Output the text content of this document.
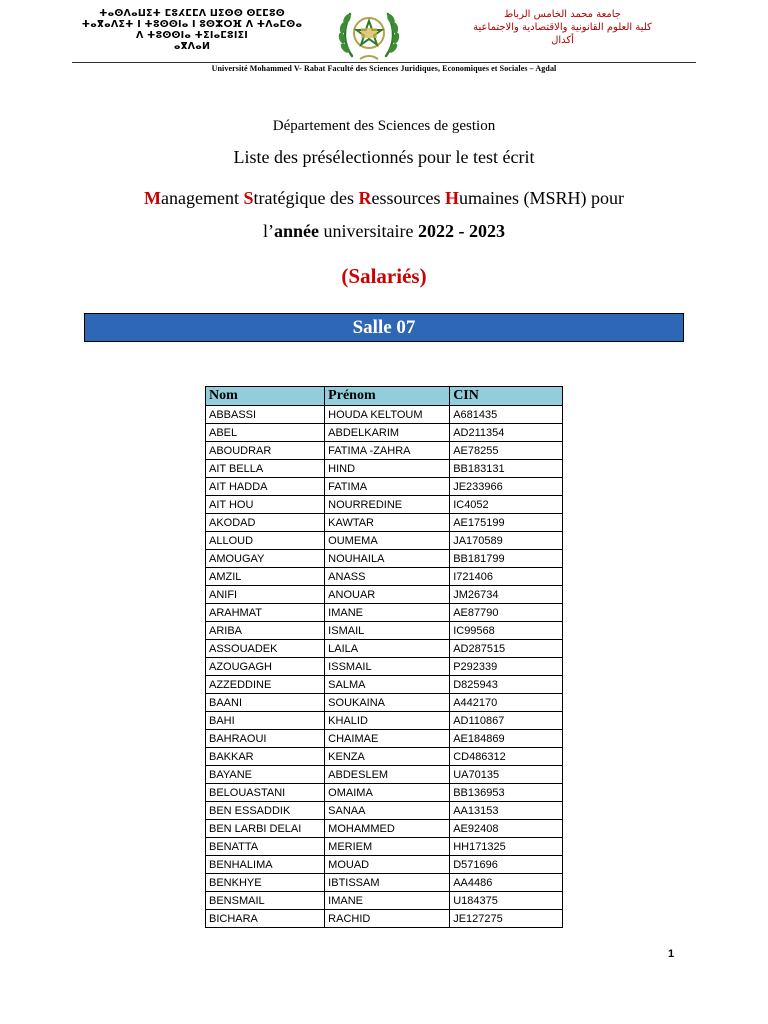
ⵜⴰⵙⴷⴰⵡⵉⵜ ⵎⵓⵃⵎⵎⴷ ⵡⵉⵙⵙ ⵙⵎⵎⵓⵙ
ⵜⴰⴳⴰⴷⵉⵜ ⵏ ⵜⵓⵙⵙⵏⴰ ⵏ ⵓⵙⵣⵔⴼ ⴷ ⵜⴷⴰⵎⵙⴰ
ⴷ ⵜⵓⵙⵙⵏⴰ ⵜⵉⵏⴰⵎⵓⵏⵉⵏ
ⴰⴳⴷⴰⵍ
جامعة محمد الخامس الرباط
كلية العلوم القانونية والاقتصادية والاجتماعية
أكدال
Université Mohammed V- Rabat Faculté des Sciences Juridiques, Economiques et Sociales – Agdal
Département des Sciences de gestion
Liste des présélectionnés pour le test écrit
Management Stratégique des Ressources Humaines (MSRH) pour
l’année universitaire 2022 - 2023
(Salariés)
Salle 07
Nom	Prénom	CIN
ABBASSI	HOUDA KELTOUM	A681435
ABEL	ABDELKARIM	AD211354
ABOUDRAR	FATIMA -ZAHRA	AE78255
AIT BELLA	HIND	BB183131
AIT HADDA	FATIMA	JE233966
AIT HOU	NOURREDINE	IC4052
AKODAD	KAWTAR	AE175199
ALLOUD	OUMEMA	JA170589
AMOUGAY	NOUHAILA	BB181799
AMZIL	ANASS	I721406
ANIFI	ANOUAR	JM26734
ARAHMAT	IMANE	AE87790
ARIBA	ISMAIL	IC99568
ASSOUADEK	LAILA	AD287515
AZOUGAGH	ISSMAIL	P292339
AZZEDDINE	SALMA	D825943
BAANI	SOUKAINA	A442170
BAHI	KHALID	AD110867
BAHRAOUI	CHAIMAE	AE184869
BAKKAR	KENZA	CD486312
BAYANE	ABDESLEM	UA70135
BELOUASTANI	OMAIMA	BB136953
BEN ESSADDIK	SANAA	AA13153
BEN LARBI DELAI	MOHAMMED	AE92408
BENATTA	MERIEM	HH171325
BENHALIMA	MOUAD	D571696
BENKHYE	IBTISSAM	AA4486
BENSMAIL	IMANE	U184375
BICHARA	RACHID	JE127275
1
